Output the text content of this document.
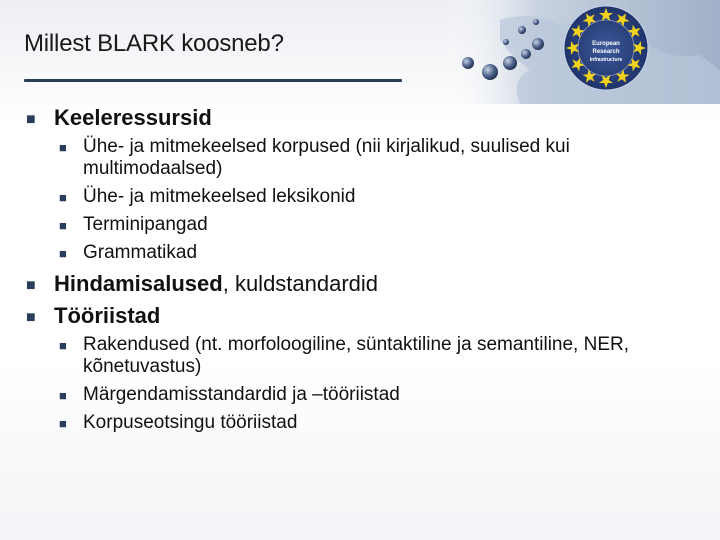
Millest BLARK koosneb?	European
Research
Infrastructure
■ Keeleressursid
■ Ühe- ja mitmekeelsed korpused (nii kirjalikud, suulised kui multimodaalsed)
■ Ühe- ja mitmekeelsed leksikonid
■ Terminipangad
■ Grammatikad
■ Hindamisalused, kuldstandardid
■ Tööriistad
■ Rakendused (nt. morfoloogiline, süntaktiline ja semantiline, NER, kõnetuvastus)
■ Märgendamisstandardid ja –tööriistad
■ Korpuseotsingu tööriistad
